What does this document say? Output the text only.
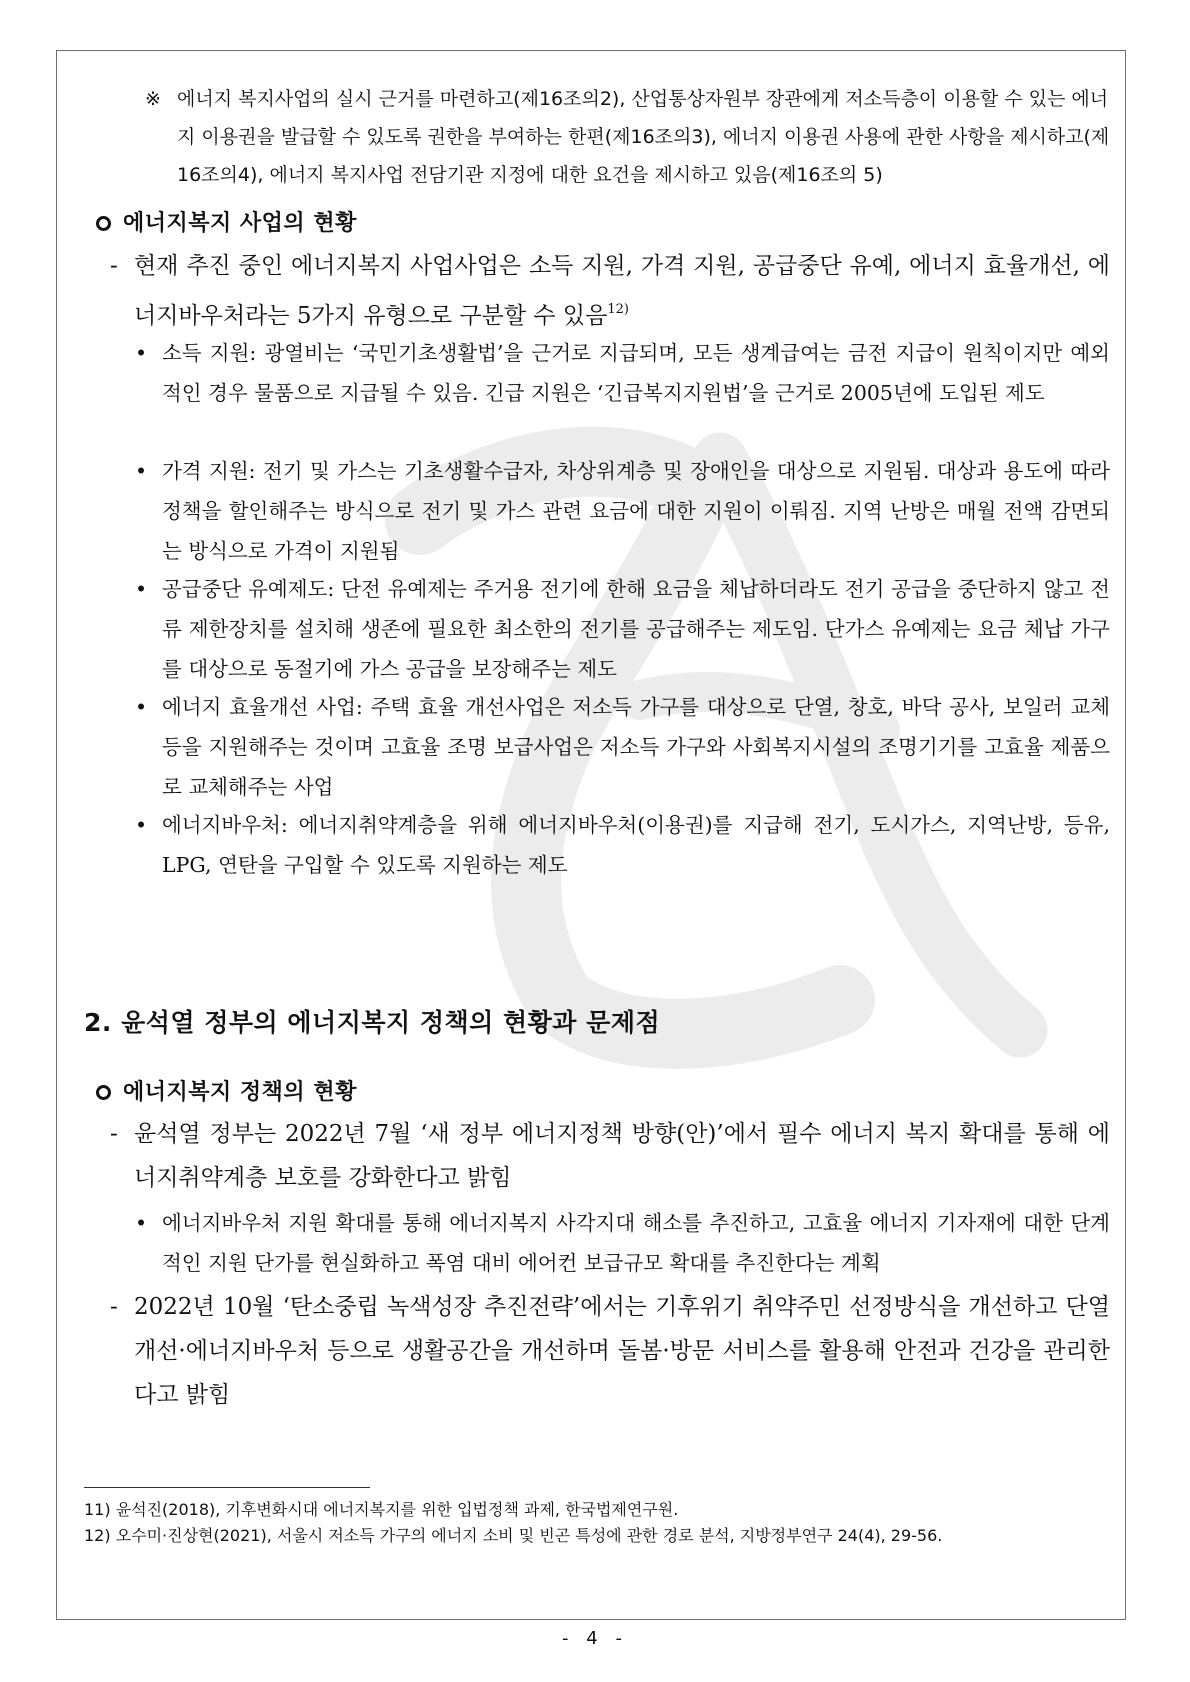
※ 에너지 복지사업의 실시 근거를 마련하고(제16조의2), 산업통상자원부 장관에게 저소득층이 이용할 수 있는 에너지 이용권을 발급할 수 있도록 권한을 부여하는 한편(제16조의3), 에너지 이용권 사용에 관한 사항을 제시하고(제16조의4), 에너지 복지사업 전담기관 지정에 대한 요건을 제시하고 있음(제16조의 5)
에너지복지 사업의 현황
- 현재 추진 중인 에너지복지 사업사업은 소득 지원, 가격 지원, 공급중단 유예, 에너지 효율개선, 에너지바우처라는 5가지 유형으로 구분할 수 있음$^{12)}$
• 소득 지원: 광열비는 ‘국민기초생활법’을 근거로 지급되며, 모든 생계급여는 금전 지급이 원칙이지만 예외적인 경우 물품으로 지급될 수 있음. 긴급 지원은 ‘긴급복지지원법’을 근거로 2005년에 도입된 제도
• 가격 지원: 전기 및 가스는 기초생활수급자, 차상위계층 및 장애인을 대상으로 지원됨. 대상과 용도에 따라 정책을 할인해주는 방식으로 전기 및 가스 관련 요금에 대한 지원이 이뤄짐. 지역 난방은 매월 전액 감면되는 방식으로 가격이 지원됨
• 공급중단 유예제도: 단전 유예제는 주거용 전기에 한해 요금을 체납하더라도 전기 공급을 중단하지 않고 전류 제한장치를 설치해 생존에 필요한 최소한의 전기를 공급해주는 제도임. 단가스 유예제는 요금 체납 가구를 대상으로 동절기에 가스 공급을 보장해주는 제도
• 에너지 효율개선 사업: 주택 효율 개선사업은 저소득 가구를 대상으로 단열, 창호, 바닥 공사, 보일러 교체 등을 지원해주는 것이며 고효율 조명 보급사업은 저소득 가구와 사회복지시설의 조명기기를 고효율 제품으로 교체해주는 사업
• 에너지바우처: 에너지취약계층을 위해 에너지바우처(이용권)를 지급해 전기, 도시가스, 지역난방, 등유, LPG, 연탄을 구입할 수 있도록 지원하는 제도
2. 윤석열 정부의 에너지복지 정책의 현황과 문제점
에너지복지 정책의 현황
- 윤석열 정부는 2022년 7월 ‘새 정부 에너지정책 방향(안)’에서 필수 에너지 복지 확대를 통해 에너지취약계층 보호를 강화한다고 밝힘
• 에너지바우처 지원 확대를 통해 에너지복지 사각지대 해소를 추진하고, 고효율 에너지 기자재에 대한 단계적인 지원 단가를 현실화하고 폭염 대비 에어컨 보급규모 확대를 추진한다는 계획
- 2022년 10월 ‘탄소중립 녹색성장 추진전략’에서는 기후위기 취약주민 선정방식을 개선하고 단열개선·에너지바우처 등으로 생활공간을 개선하며 돌봄·방문 서비스를 활용해 안전과 건강을 관리한다고 밝힘
11) 윤석진(2018), 기후변화시대 에너지복지를 위한 입법정책 과제, 한국법제연구원.
12) 오수미·진상현(2021), 서울시 저소득 가구의 에너지 소비 및 빈곤 특성에 관한 경로 분석, 지방정부연구 24(4), 29-56.
- 4 -
